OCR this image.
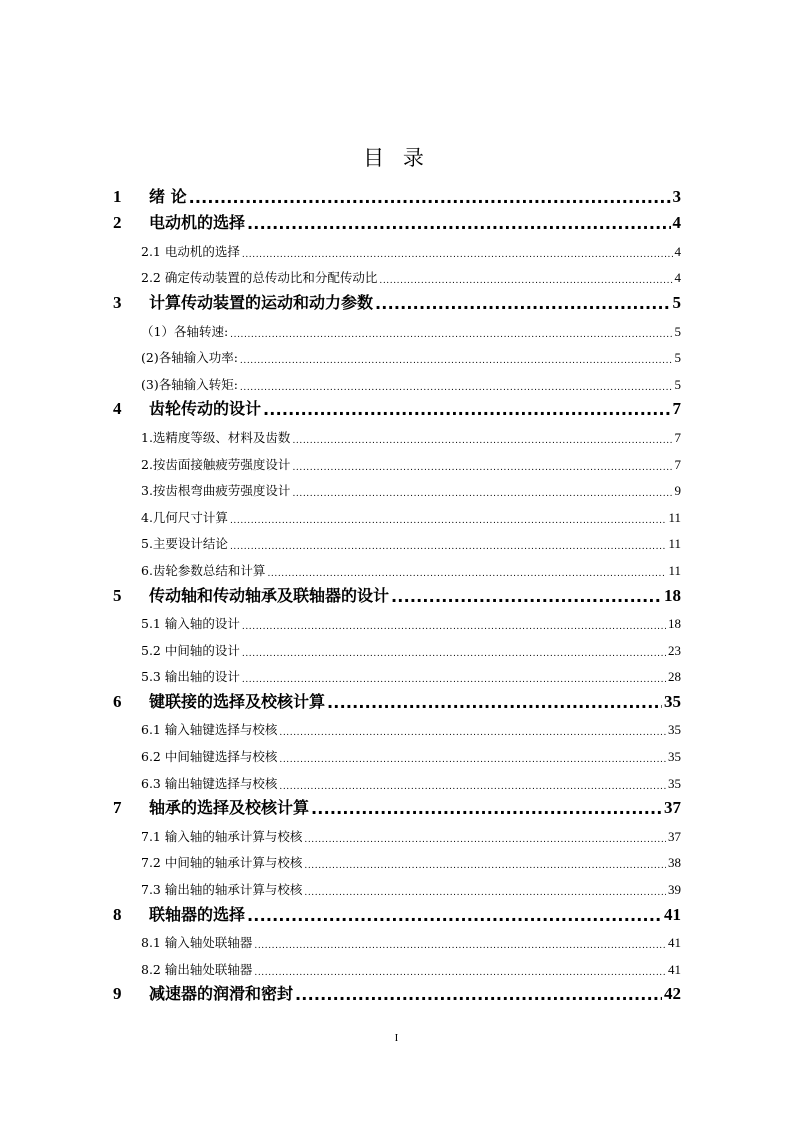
目 录
1	绪 论 .....	3
2	电动机的选择 .....	4
2.1 电动机的选择 .....	4
2.2 确定传动装置的总传动比和分配传动比 .....	4
3	计算传动装置的运动和动力参数 .....	5
（1）各轴转速: .....	5
(2)各轴输入功率: .....	5
(3)各轴输入转矩: .....	5
4	齿轮传动的设计 .....	7
1.选精度等级、材料及齿数 .....	7
2.按齿面接触疲劳强度设计 .....	7
3.按齿根弯曲疲劳强度设计 .....	9
4.几何尺寸计算 .....	11
5.主要设计结论 .....	11
6.齿轮参数总结和计算 .....	11
5	传动轴和传动轴承及联轴器的设计 .....	18
5.1 输入轴的设计 .....	18
5.2 中间轴的设计 .....	23
5.3 输出轴的设计 .....	28
6	键联接的选择及校核计算 .....	35
6.1 输入轴键选择与校核 .....	35
6.2 中间轴键选择与校核 .....	35
6.3 输出轴键选择与校核 .....	35
7	轴承的选择及校核计算 .....	37
7.1 输入轴的轴承计算与校核 .....	37
7.2 中间轴的轴承计算与校核 .....	38
7.3 输出轴的轴承计算与校核 .....	39
8	联轴器的选择 .....	41
8.1 输入轴处联轴器 .....	41
8.2 输出轴处联轴器 .....	41
9	减速器的润滑和密封 .....	42
I
